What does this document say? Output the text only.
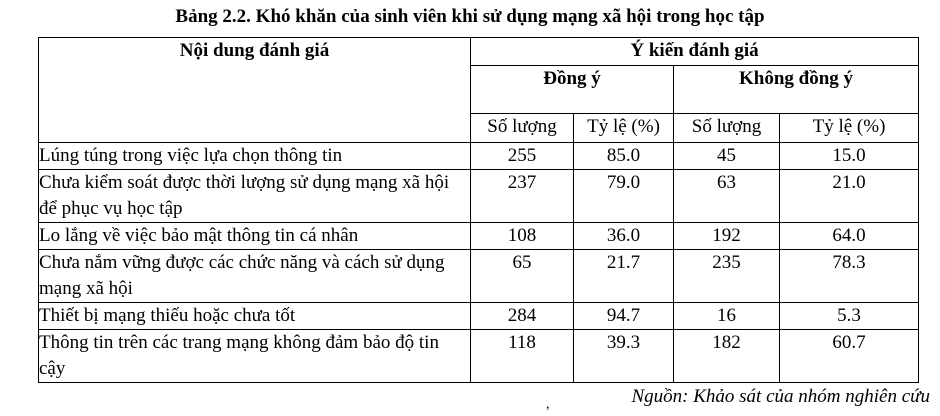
Bảng 2.2. Khó khăn của sinh viên khi sử dụng mạng xã hội trong học tập
Nội dung đánh giá	Ý kiến đánh giá			
	Đồng ý		Không đồng ý	
	Số lượng	Tỷ lệ (%)	Số lượng	Tỷ lệ (%)
Lúng túng trong việc lựa chọn thông tin	255	85.0	45	15.0
Chưa kiểm soát được thời lượng sử dụng mạng xã hội để phục vụ học tập	237	79.0	63	21.0
Lo lắng về việc bảo mật thông tin cá nhân	108	36.0	192	64.0
Chưa nắm vững được các chức năng và cách sử dụng mạng xã hội	65	21.7	235	78.3
Thiết bị mạng thiếu hoặc chưa tốt	284	94.7	16	5.3
Thông tin trên các trang mạng không đảm bảo độ tin cậy	118	39.3	182	60.7
Nguồn: Khảo sát của nhóm nghiên cứu
,
